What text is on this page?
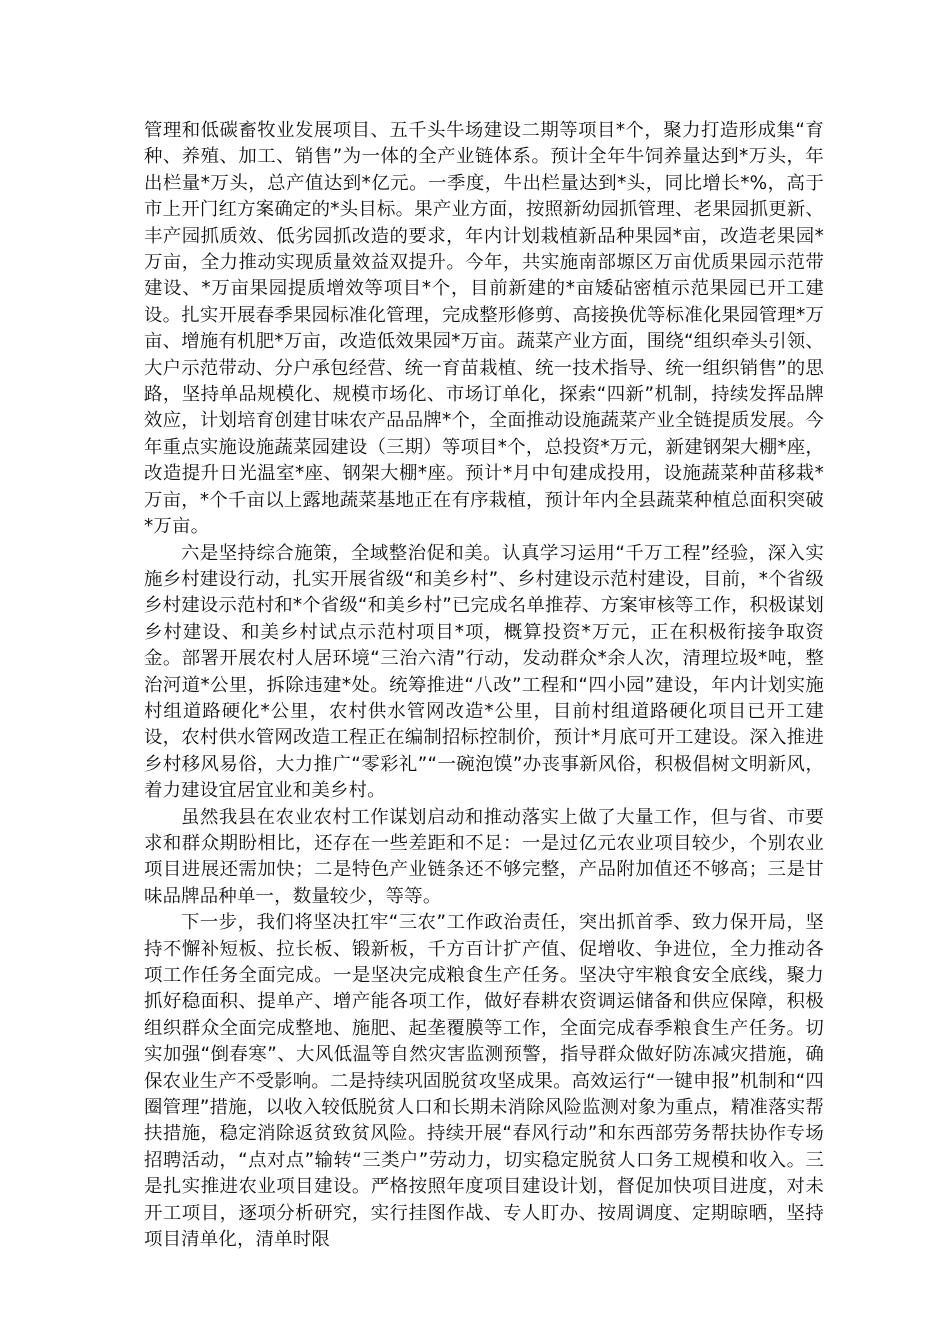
管理和低碳畜牧业发展项目、五千头牛场建设二期等项目*个，聚力打造形成集“育种、养殖、加工、销售”为一体的全产业链体系。预计全年牛饲养量达到*万头，年出栏量*万头，总产值达到*亿元。一季度，牛出栏量达到*头，同比增长*%，高于市上开门红方案确定的*头目标。果产业方面，按照新幼园抓管理、老果园抓更新、丰产园抓质效、低劣园抓改造的要求，年内计划栽植新品种果园*亩，改造老果园*万亩，全力推动实现质量效益双提升。今年，共实施南部塬区万亩优质果园示范带建设、*万亩果园提质增效等项目*个，目前新建的*亩矮砧密植示范果园已开工建设。扎实开展春季果园标准化管理，完成整形修剪、高接换优等标准化果园管理*万亩、增施有机肥*万亩，改造低效果园*万亩。蔬菜产业方面，围绕“组织牵头引领、大户示范带动、分户承包经营、统一育苗栽植、统一技术指导、统一组织销售”的思路，坚持单品规模化、规模市场化、市场订单化，探索“四新”机制，持续发挥品牌效应，计划培育创建甘味农产品品牌*个，全面推动设施蔬菜产业全链提质发展。今年重点实施设施蔬菜园建设（三期）等项目*个，总投资*万元，新建钢架大棚*座，改造提升日光温室*座、钢架大棚*座。预计*月中旬建成投用，设施蔬菜种苗移栽*万亩，*个千亩以上露地蔬菜基地正在有序栽植，预计年内全县蔬菜种植总面积突破*万亩。

六是坚持综合施策，全域整治促和美。认真学习运用“千万工程”经验，深入实施乡村建设行动，扎实开展省级“和美乡村”、乡村建设示范村建设，目前，*个省级乡村建设示范村和*个省级“和美乡村”已完成名单推荐、方案审核等工作，积极谋划乡村建设、和美乡村试点示范村项目*项，概算投资*万元，正在积极衔接争取资金。部署开展农村人居环境“三治六清”行动，发动群众*余人次，清理垃圾*吨，整治河道*公里，拆除违建*处。统筹推进“八改”工程和“四小园”建设，年内计划实施村组道路硬化*公里，农村供水管网改造*公里，目前村组道路硬化项目已开工建设，农村供水管网改造工程正在编制招标控制价，预计*月底可开工建设。深入推进乡村移风易俗，大力推广“零彩礼”“一碗泡馍”办丧事新风俗，积极倡树文明新风，着力建设宜居宜业和美乡村。

虽然我县在农业农村工作谋划启动和推动落实上做了大量工作，但与省、市要求和群众期盼相比，还存在一些差距和不足：一是过亿元农业项目较少，个别农业项目进展还需加快；二是特色产业链条还不够完整，产品附加值还不够高；三是甘味品牌品种单一，数量较少，等等。

下一步，我们将坚决扛牢“三农”工作政治责任，突出抓首季、致力保开局，坚持不懈补短板、拉长板、锻新板，千方百计扩产值、促增收、争进位，全力推动各项工作任务全面完成。一是坚决完成粮食生产任务。坚决守牢粮食安全底线，聚力抓好稳面积、提单产、增产能各项工作，做好春耕农资调运储备和供应保障，积极组织群众全面完成整地、施肥、起垄覆膜等工作，全面完成春季粮食生产任务。切实加强“倒春寒”、大风低温等自然灾害监测预警，指导群众做好防冻减灾措施，确保农业生产不受影响。二是持续巩固脱贫攻坚成果。高效运行“一键申报”机制和“四圈管理”措施，以收入较低脱贫人口和长期未消除风险监测对象为重点，精准落实帮扶措施，稳定消除返贫致贫风险。持续开展“春风行动”和东西部劳务帮扶协作专场招聘活动，“点对点”输转“三类户”劳动力，切实稳定脱贫人口务工规模和收入。三是扎实推进农业项目建设。严格按照年度项目建设计划，督促加快项目进度，对未开工项目，逐项分析研究，实行挂图作战、专人盯办、按周调度、定期晾晒，坚持项目清单化，清单时限
